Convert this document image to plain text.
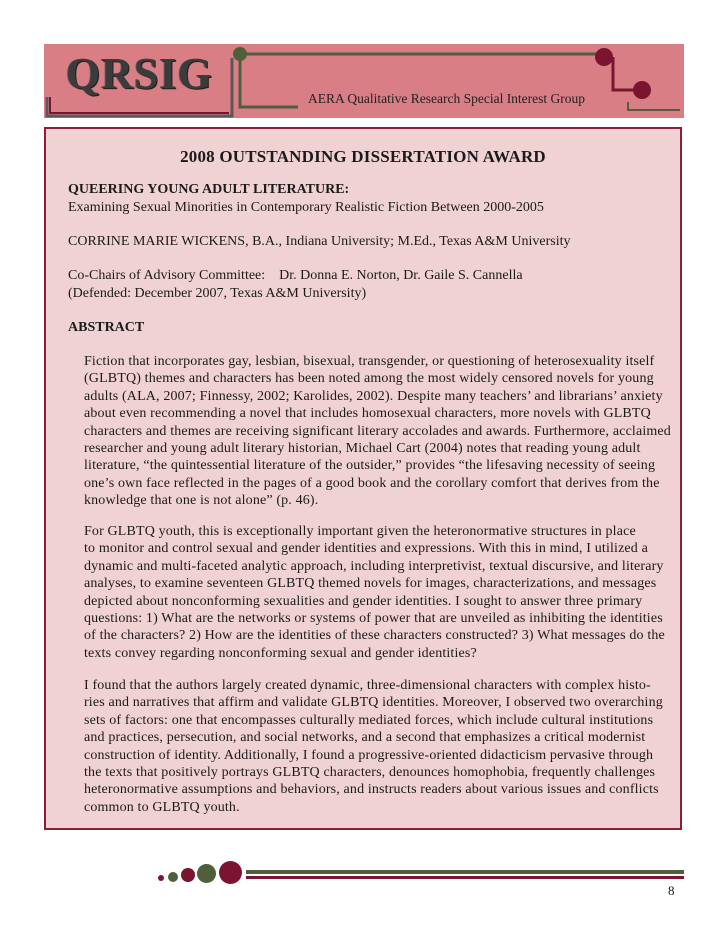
QRSIG
AERA Qualitative Research Special Interest Group
2008 OUTSTANDING DISSERTATION AWARD
QUEERING YOUNG ADULT LITERATURE:
Examining Sexual Minorities in Contemporary Realistic Fiction Between 2000-2005
CORRINE MARIE WICKENS, B.A., Indiana University; M.Ed., Texas A&M University
Co-Chairs of Advisory Committee:    Dr. Donna E. Norton, Dr. Gaile S. Cannella
(Defended: December 2007, Texas A&M University)
ABSTRACT
Fiction that incorporates gay, lesbian, bisexual, transgender, or questioning of heterosexuality itself
(GLBTQ) themes and characters has been noted among the most widely censored novels for young
adults (ALA, 2007; Finnessy, 2002; Karolides, 2002). Despite many teachers’ and librarians’ anxiety
about even recommending a novel that includes homosexual characters, more novels with GLBTQ
characters and themes are receiving significant literary accolades and awards. Furthermore, acclaimed
researcher and young adult literary historian, Michael Cart (2004) notes that reading young adult
literature, “the quintessential literature of the outsider,” provides “the lifesaving necessity of seeing
one’s own face reflected in the pages of a good book and the corollary comfort that derives from the
knowledge that one is not alone” (p. 46).
For GLBTQ youth, this is exceptionally important given the heteronormative structures in place
to monitor and control sexual and gender identities and expressions. With this in mind, I utilized a
dynamic and multi-faceted analytic approach, including interpretivist, textual discursive, and literary
analyses, to examine seventeen GLBTQ themed novels for images, characterizations, and messages
depicted about nonconforming sexualities and gender identities. I sought to answer three primary
questions: 1) What are the networks or systems of power that are unveiled as inhibiting the identities
of the characters? 2) How are the identities of these characters constructed? 3) What messages do the
texts convey regarding nonconforming sexual and gender identities?
I found that the authors largely created dynamic, three-dimensional characters with complex histo-
ries and narratives that affirm and validate GLBTQ identities. Moreover, I observed two overarching
sets of factors: one that encompasses culturally mediated forces, which include cultural institutions
and practices, persecution, and social networks, and a second that emphasizes a critical modernist
construction of identity. Additionally, I found a progressive-oriented didacticism pervasive through
the texts that positively portrays GLBTQ characters, denounces homophobia, frequently challenges
heteronormative assumptions and behaviors, and instructs readers about various issues and conflicts
common to GLBTQ youth.
8
